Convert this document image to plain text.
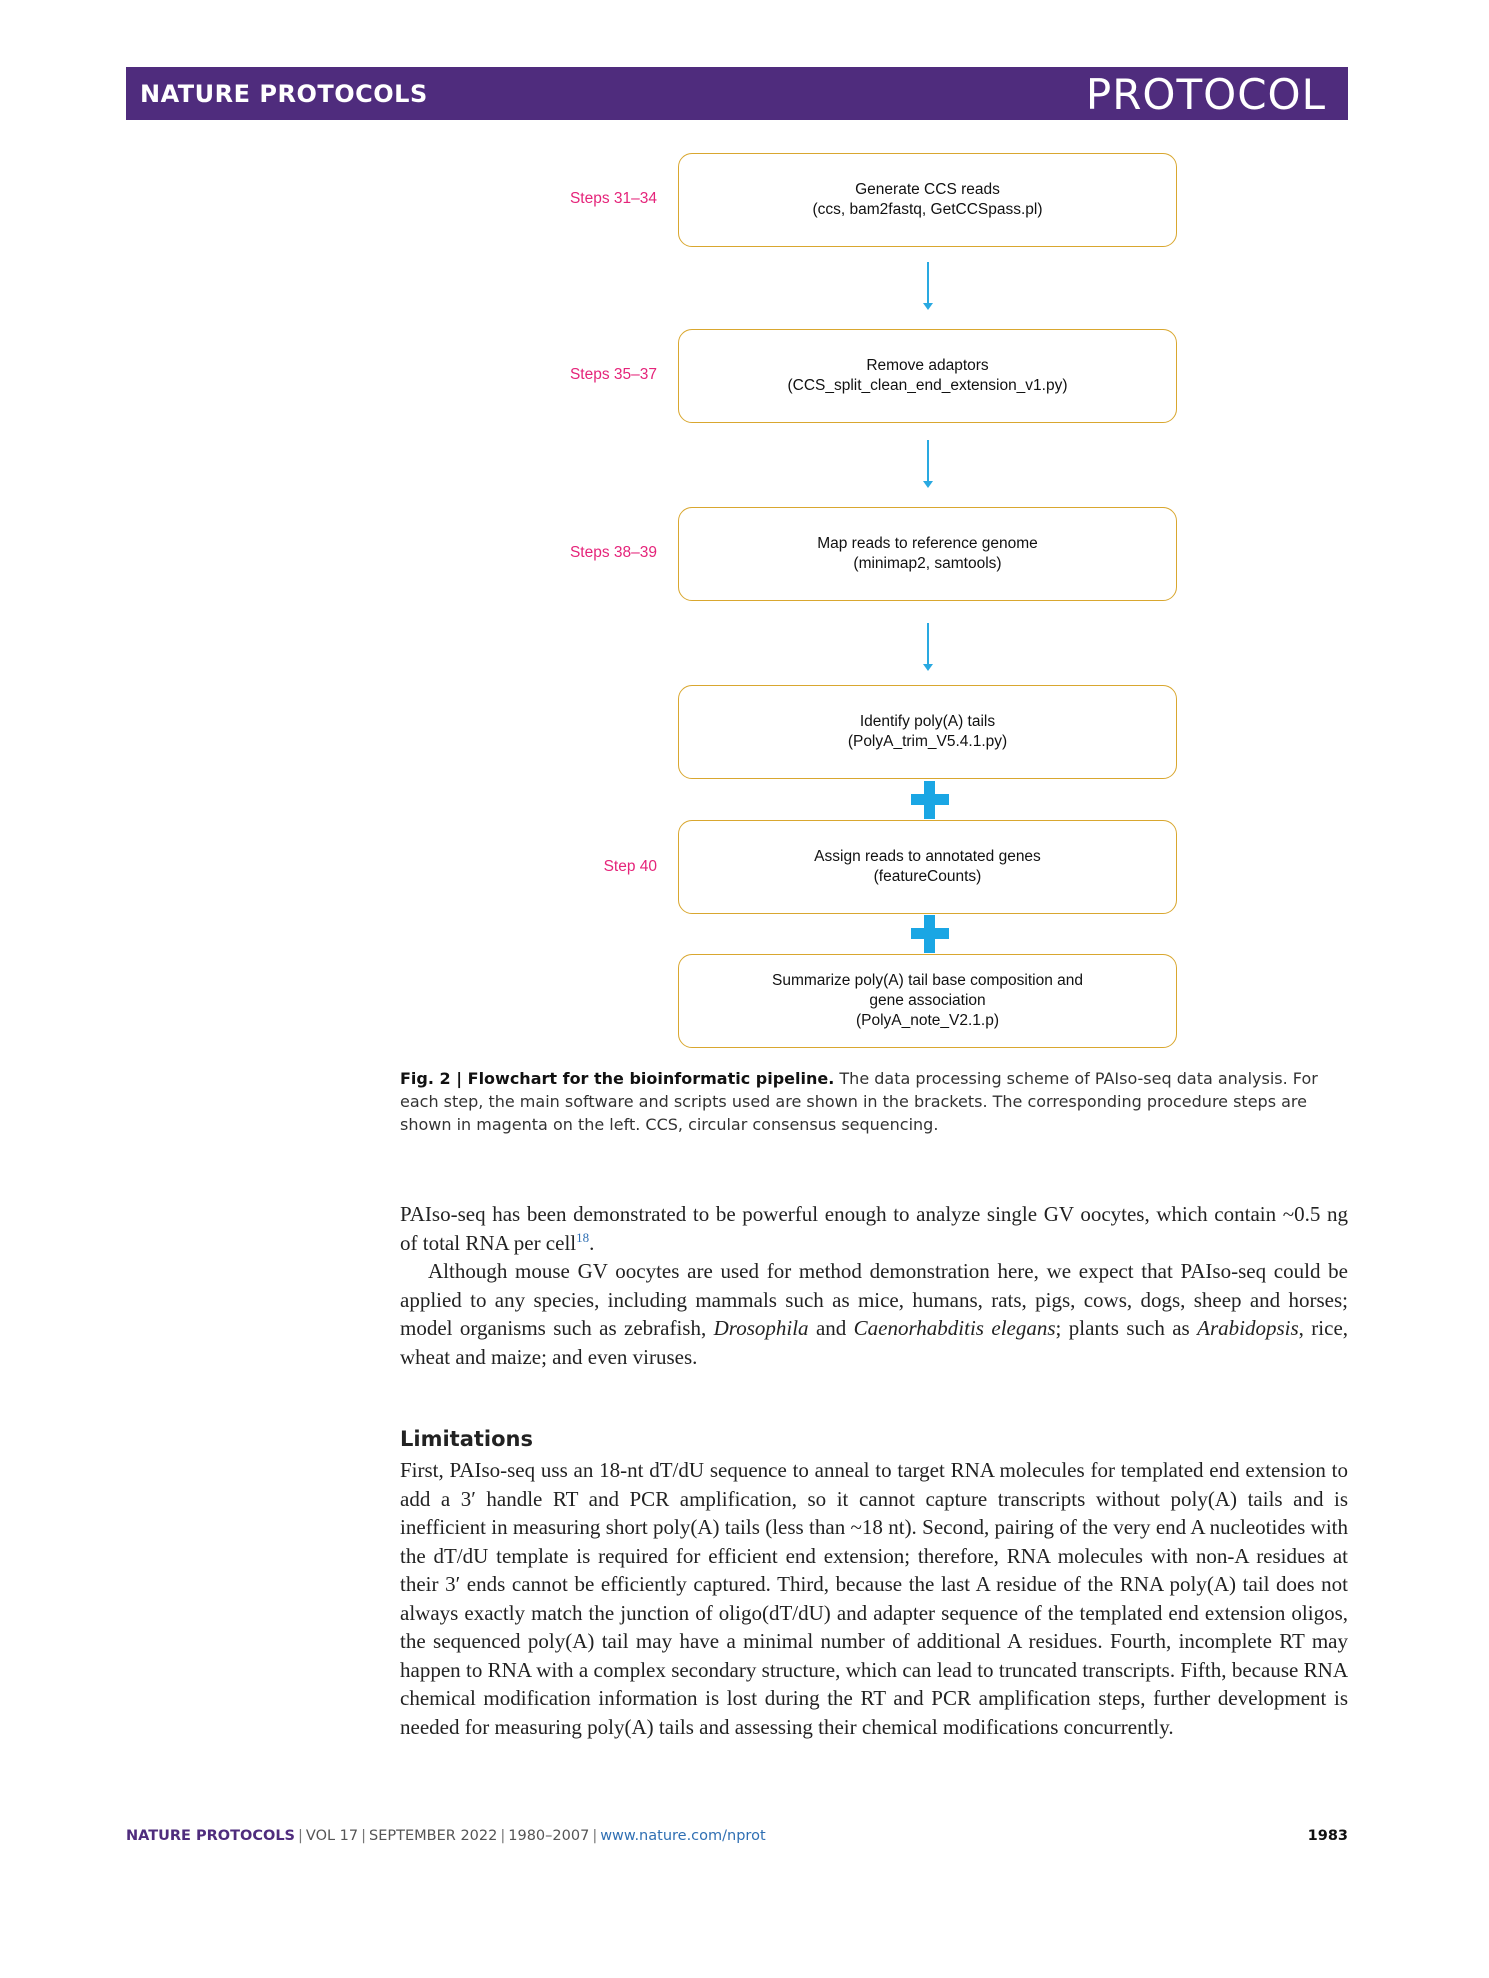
NATURE PROTOCOLS	PROTOCOL
Steps 31–34
Steps 35–37
Steps 38–39
Step 40
Generate CCS reads
(ccs, bam2fastq, GetCCSpass.pl)
Remove adaptors
(CCS_split_clean_end_extension_v1.py)
Map reads to reference genome
(minimap2, samtools)
Identify poly(A) tails
(PolyA_trim_V5.4.1.py)
Assign reads to annotated genes
(featureCounts)
Summarize poly(A) tail base composition and
gene association
(PolyA_note_V2.1.p)
Fig. 2 | Flowchart for the bioinformatic pipeline. The data processing scheme of PAIso-seq data analysis. For each step, the main software and scripts used are shown in the brackets. The corresponding procedure steps are shown in magenta on the left. CCS, circular consensus sequencing.

PAIso-seq has been demonstrated to be powerful enough to analyze single GV oocytes, which contain ~0.5 ng of total RNA per cell$^{18}$.

Although mouse GV oocytes are used for method demonstration here, we expect that PAIso-seq could be applied to any species, including mammals such as mice, humans, rats, pigs, cows, dogs, sheep and horses; model organisms such as zebrafish, Drosophila and Caenorhabditis elegans; plants such as Arabidopsis, rice, wheat and maize; and even viruses.

Limitations

First, PAIso-seq uss an 18-nt dT/dU sequence to anneal to target RNA molecules for templated end extension to add a 3′ handle RT and PCR amplification, so it cannot capture transcripts without poly(A) tails and is inefficient in measuring short poly(A) tails (less than ~18 nt). Second, pairing of the very end A nucleotides with the dT/dU template is required for efficient end extension; therefore, RNA molecules with non-A residues at their 3′ ends cannot be efficiently captured. Third, because the last A residue of the RNA poly(A) tail does not always exactly match the junction of oligo(dT/dU) and adapter sequence of the templated end extension oligos, the sequenced poly(A) tail may have a minimal number of additional A residues. Fourth, incomplete RT may happen to RNA with a complex secondary structure, which can lead to truncated transcripts. Fifth, because RNA chemical modification information is lost during the RT and PCR amplification steps, further development is needed for measuring poly(A) tails and assessing their chemical modifications concurrently.

NATURE PROTOCOLS | VOL 17 | SEPTEMBER 2022 | 1980–2007 | www.nature.com/nprot	1983
